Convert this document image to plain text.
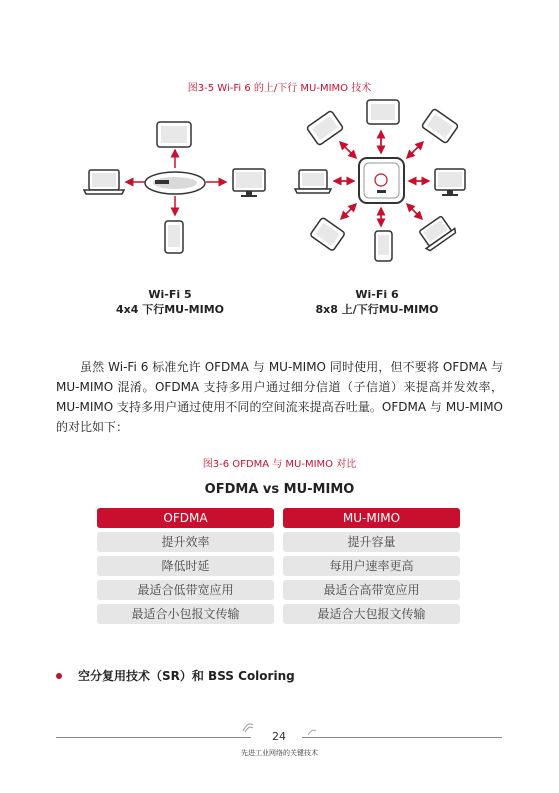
图3-5 Wi-Fi 6 的上/下行 MU-MIMO 技术
Wi-Fi 5
4x4 下行MU-MIMO
Wi-Fi 6
8x8 上/下行MU-MIMO

虽然 Wi-Fi 6 标准允许 OFDMA 与 MU-MIMO 同时使用，但不要将 OFDMA 与 MU-MIMO 混淆。OFDMA 支持多用户通过细分信道（子信道）来提高并发效率，MU-MIMO 支持多用户通过使用不同的空间流来提高吞吐量。OFDMA 与 MU-MIMO 的对比如下：

图3-6 OFDMA 与 MU-MIMO 对比
OFDMA vs MU-MIMO
OFDMA
提升效率
降低时延
最适合低带宽应用
最适合小包报文传输
MU-MIMO
提升容量
每用户速率更高
最适合高带宽应用
最适合大包报文传输
空分复用技术（SR）和 BSS Coloring
24
先进工业网络的关键技术
